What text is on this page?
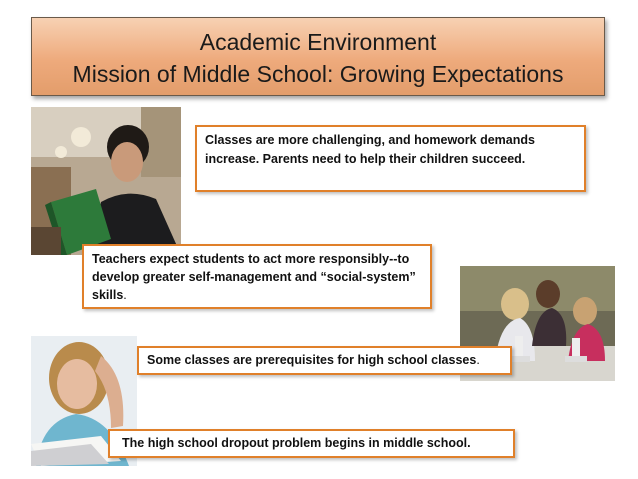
Academic Environment
Mission of Middle School: Growing Expectations
Classes are more challenging, and homework demands increase. Parents need to help their children succeed.
Teachers expect students to act more responsibly--to develop greater self-management and “social-system” skills.
Some classes are prerequisites for high school classes.
The high school dropout problem begins in middle school.
